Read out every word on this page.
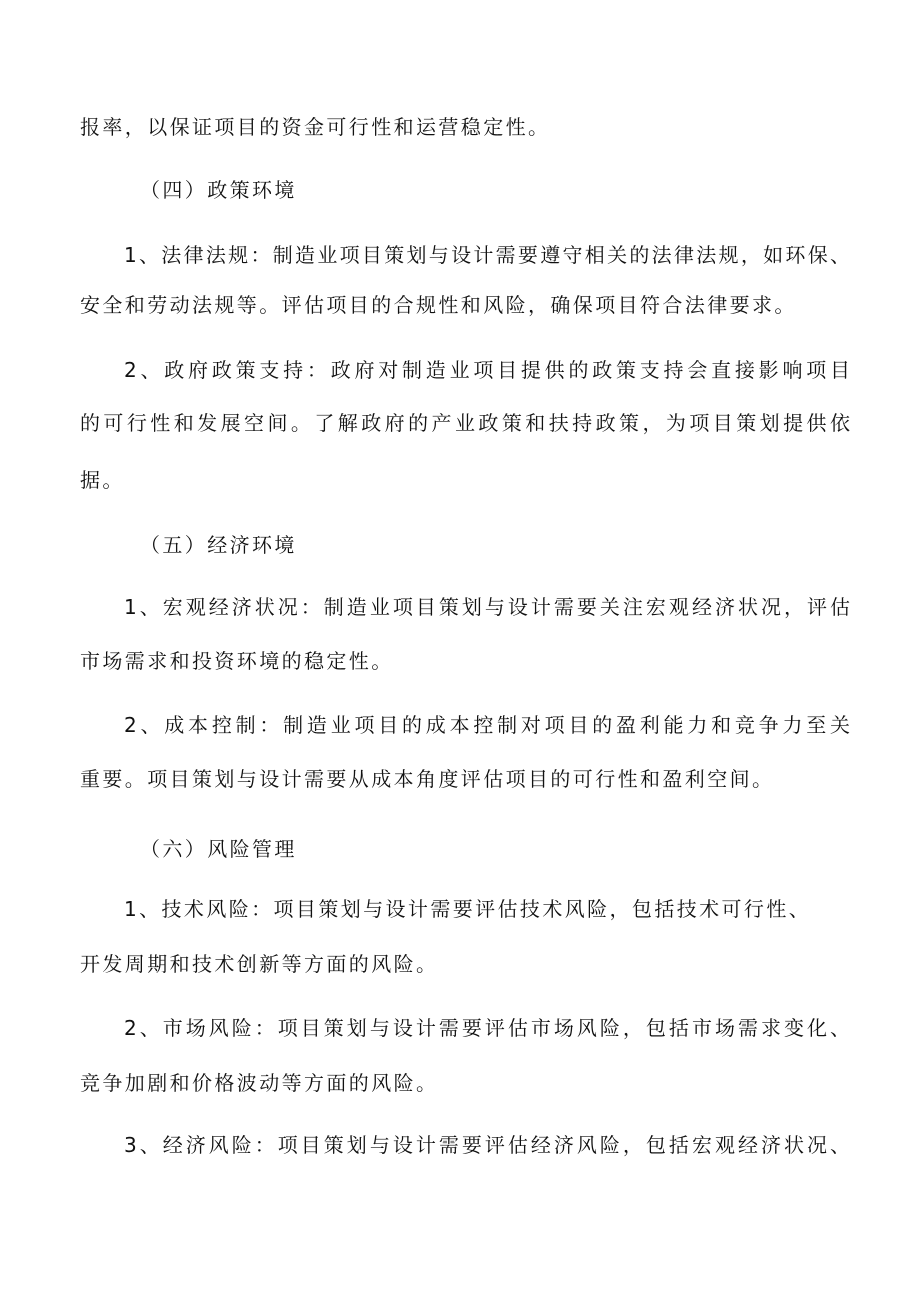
报率，以保证项目的资金可行性和运营稳定性。
（四）政策环境
1、法律法规：制造业项目策划与设计需要遵守相关的法律法规，如环保、
安全和劳动法规等。评估项目的合规性和风险，确保项目符合法律要求。
2、政府政策支持：政府对制造业项目提供的政策支持会直接影响项目
的可行性和发展空间。了解政府的产业政策和扶持政策，为项目策划提供依
据。
（五）经济环境
1、宏观经济状况：制造业项目策划与设计需要关注宏观经济状况，评估
市场需求和投资环境的稳定性。
2、成本控制：制造业项目的成本控制对项目的盈利能力和竞争力至关
重要。项目策划与设计需要从成本角度评估项目的可行性和盈利空间。
（六）风险管理
1、技术风险：项目策划与设计需要评估技术风险，包括技术可行性、
开发周期和技术创新等方面的风险。
2、市场风险：项目策划与设计需要评估市场风险，包括市场需求变化、
竞争加剧和价格波动等方面的风险。
3、经济风险：项目策划与设计需要评估经济风险，包括宏观经济状况、
